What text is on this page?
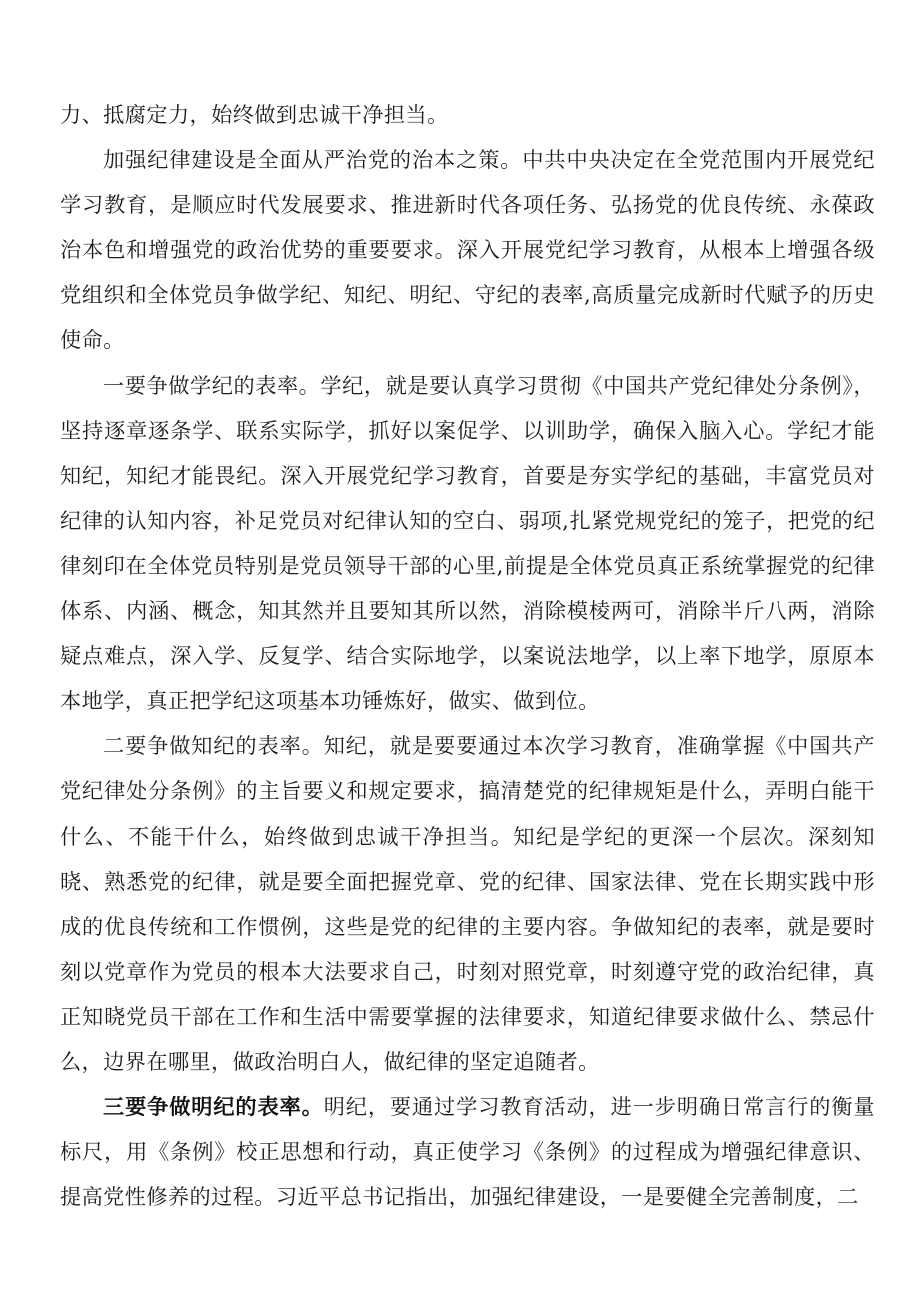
力、抵腐定力，始终做到忠诚干净担当。

加强纪律建设是全面从严治党的治本之策。中共中央决定在全党范围内开展党纪学习教育，是顺应时代发展要求、推进新时代各项任务、弘扬党的优良传统、永葆政治本色和增强党的政治优势的重要要求。深入开展党纪学习教育，从根本上增强各级党组织和全体党员争做学纪、知纪、明纪、守纪的表率,高质量完成新时代赋予的历史使命。

一要争做学纪的表率。学纪，就是要认真学习贯彻《中国共产党纪律处分条例》，坚持逐章逐条学、联系实际学，抓好以案促学、以训助学，确保入脑入心。学纪才能知纪，知纪才能畏纪。深入开展党纪学习教育，首要是夯实学纪的基础，丰富党员对纪律的认知内容，补足党员对纪律认知的空白、弱项,扎紧党规党纪的笼子，把党的纪律刻印在全体党员特别是党员领导干部的心里,前提是全体党员真正系统掌握党的纪律体系、内涵、概念，知其然并且要知其所以然，消除模棱两可，消除半斤八两，消除疑点难点，深入学、反复学、结合实际地学，以案说法地学，以上率下地学，原原本本地学，真正把学纪这项基本功锤炼好，做实、做到位。

二要争做知纪的表率。知纪，就是要要通过本次学习教育，准确掌握《中国共产党纪律处分条例》的主旨要义和规定要求，搞清楚党的纪律规矩是什么，弄明白能干什么、不能干什么，始终做到忠诚干净担当。知纪是学纪的更深一个层次。深刻知晓、熟悉党的纪律，就是要全面把握党章、党的纪律、国家法律、党在长期实践中形成的优良传统和工作惯例，这些是党的纪律的主要内容。争做知纪的表率，就是要时刻以党章作为党员的根本大法要求自己，时刻对照党章，时刻遵守党的政治纪律，真正知晓党员干部在工作和生活中需要掌握的法律要求，知道纪律要求做什么、禁忌什么，边界在哪里，做政治明白人，做纪律的坚定追随者。

三要争做明纪的表率。明纪，要通过学习教育活动，进一步明确日常言行的衡量标尺，用《条例》校正思想和行动，真正使学习《条例》的过程成为增强纪律意识、提高党性修养的过程。习近平总书记指出，加强纪律建设，一是要健全完善制度，二
